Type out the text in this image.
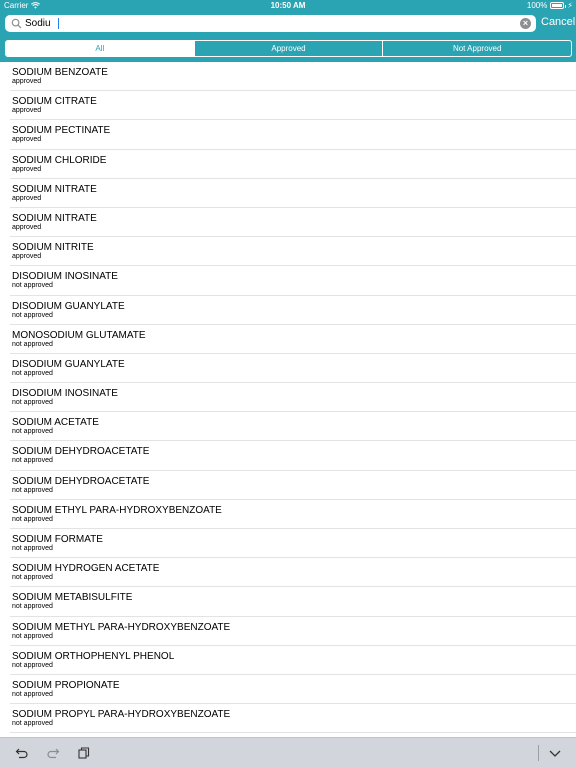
Carrier	10:50 AM	100%	⚡
Sodiu
× Cancel
All	Approved	Not Approved
SODIUM BENZOATE
approved
SODIUM CITRATE
approved
SODIUM PECTINATE
approved
SODIUM CHLORIDE
approved
SODIUM NITRATE
approved
SODIUM NITRATE
approved
SODIUM NITRITE
approved
DISODIUM INOSINATE
not approved
DISODIUM GUANYLATE
not approved
MONOSODIUM GLUTAMATE
not approved
DISODIUM GUANYLATE
not approved
DISODIUM INOSINATE
not approved
SODIUM ACETATE
not approved
SODIUM DEHYDROACETATE
not approved
SODIUM DEHYDROACETATE
not approved
SODIUM ETHYL PARA-HYDROXYBENZOATE
not approved
SODIUM FORMATE
not approved
SODIUM HYDROGEN ACETATE
not approved
SODIUM METABISULFITE
not approved
SODIUM METHYL PARA-HYDROXYBENZOATE
not approved
SODIUM ORTHOPHENYL PHENOL
not approved
SODIUM PROPIONATE
not approved
SODIUM PROPYL PARA-HYDROXYBENZOATE
not approved
